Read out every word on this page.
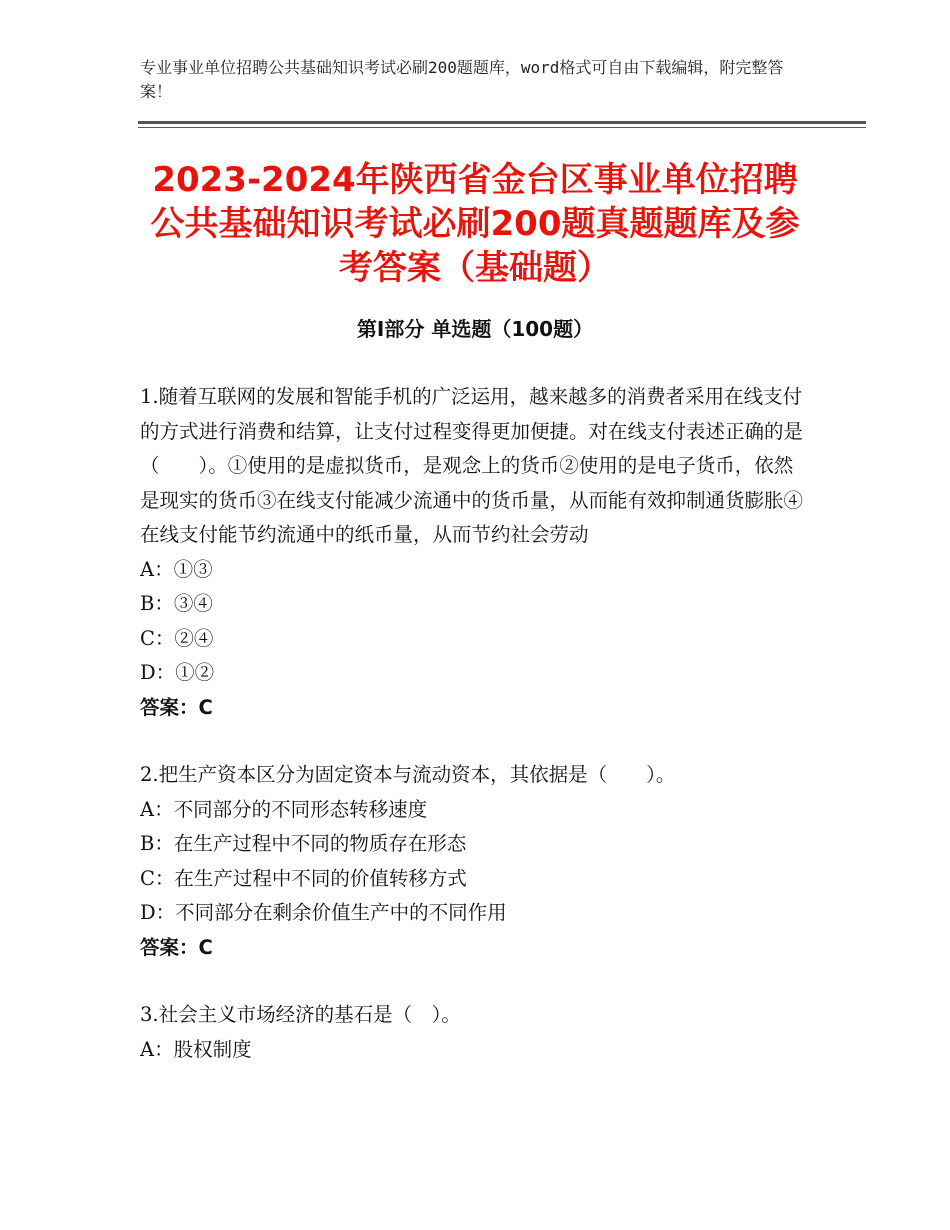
专业事业单位招聘公共基础知识考试必刷200题题库，word格式可自由下载编辑，附完整答案！
2023-2024年陕西省金台区事业单位招聘公共基础知识考试必刷200题真题题库及参考答案（基础题）
第Ⅰ部分 单选题（100题）

1.随着互联网的发展和智能手机的广泛运用，越来越多的消费者采用在线支付的方式进行消费和结算，让支付过程变得更加便捷。对在线支付表述正确的是（　　）。①使用的是虚拟货币，是观念上的货币②使用的是电子货币，依然是现实的货币③在线支付能减少流通中的货币量，从而能有效抑制通货膨胀④在线支付能节约流通中的纸币量，从而节约社会劳动

A：①③

B：③④

C：②④

D：①②

答案：C

2.把生产资本区分为固定资本与流动资本，其依据是（　　）。

A：不同部分的不同形态转移速度

B：在生产过程中不同的物质存在形态

C：在生产过程中不同的价值转移方式

D：不同部分在剩余价值生产中的不同作用

答案：C

3.社会主义市场经济的基石是（　）。

A：股权制度
